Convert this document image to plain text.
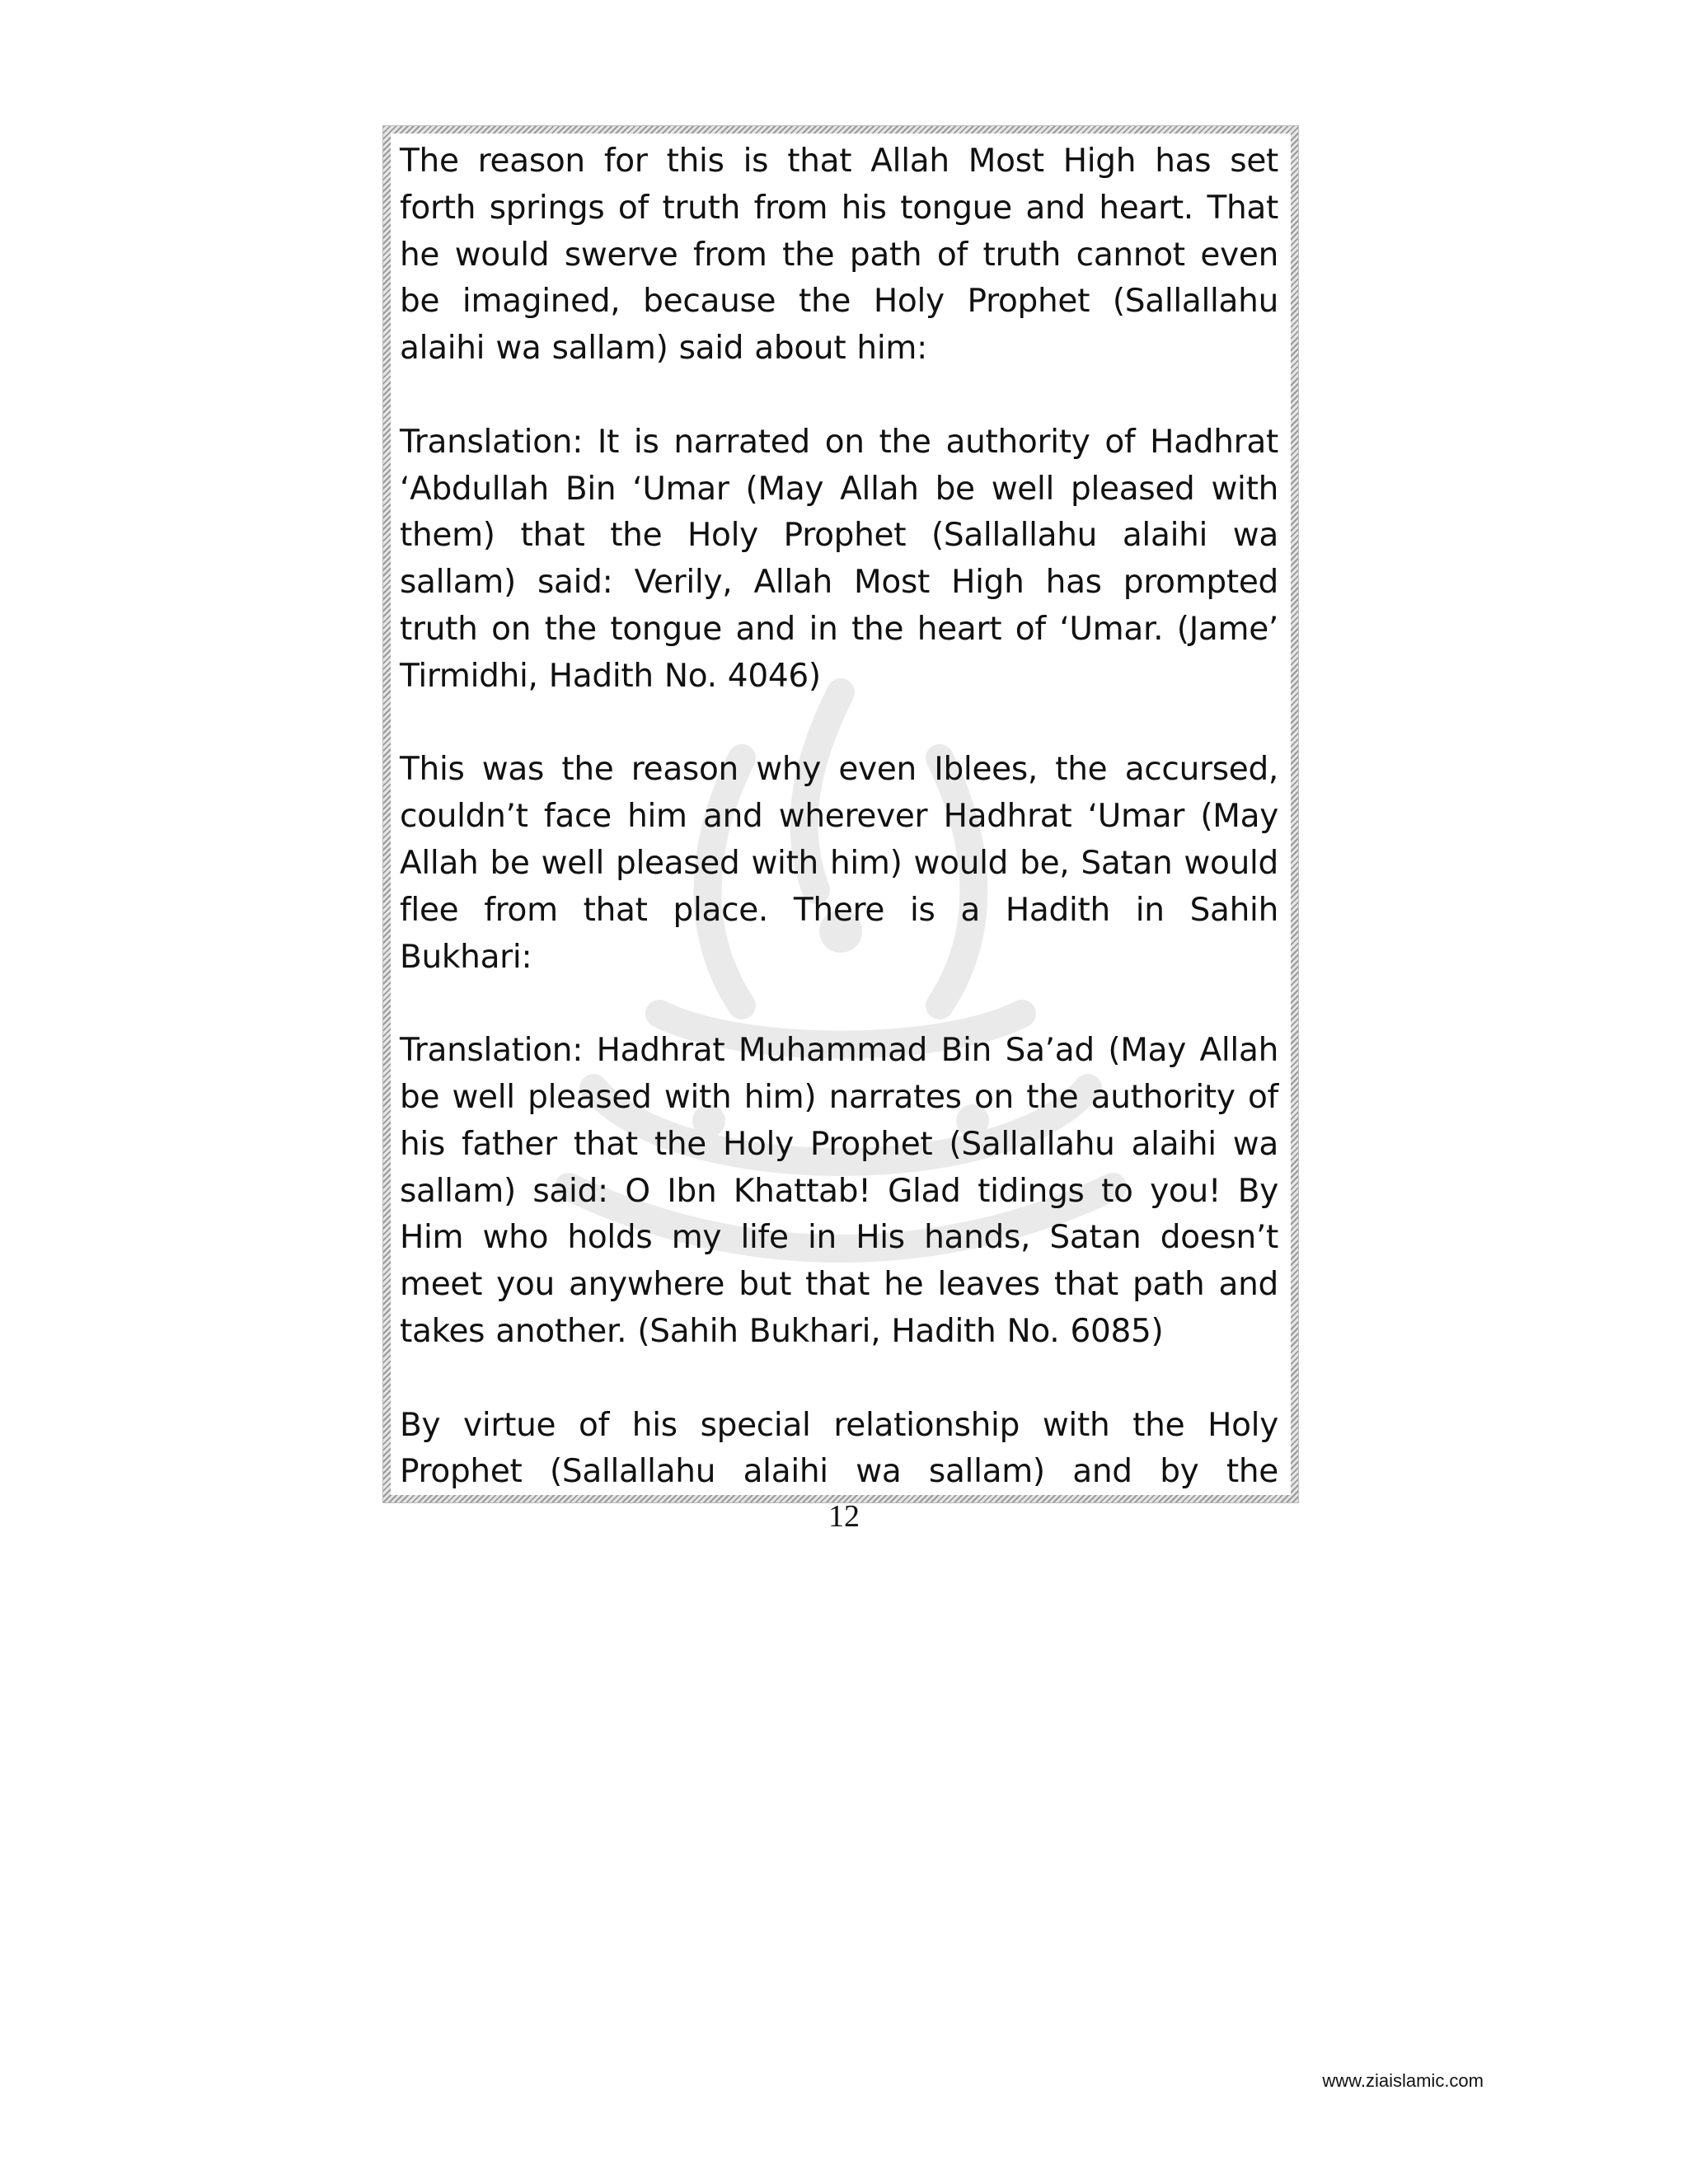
The reason for this is that Allah Most High has set forth springs of truth from his tongue and heart. That he would swerve from the path of truth cannot even be imagined, because the Holy Prophet (Sallallahu alaihi wa sallam) said about him:

Translation: It is narrated on the authority of Hadhrat ‘Abdullah Bin ‘Umar (May Allah be well pleased with them) that the Holy Prophet (Sallallahu alaihi wa sallam) said: Verily, Allah Most High has prompted truth on the tongue and in the heart of ‘Umar. (Jame’ Tirmidhi, Hadith No. 4046)

This was the reason why even Iblees, the accursed, couldn’t face him and wherever Hadhrat ‘Umar (May Allah be well pleased with him) would be, Satan would flee from that place. There is a Hadith in Sahih Bukhari:

Translation: Hadhrat Muhammad Bin Sa’ad (May Allah be well pleased with him) narrates on the authority of his father that the Holy Prophet (Sallallahu alaihi wa sallam) said: O Ibn Khattab! Glad tidings to you! By Him who holds my life in His hands, Satan doesn’t meet you anywhere but that he leaves that path and takes another. (Sahih Bukhari, Hadith No. 6085)

By virtue of his special relationship with the Holy Prophet (Sallallahu alaihi wa sallam) and by the

12
www.ziaislamic.com
